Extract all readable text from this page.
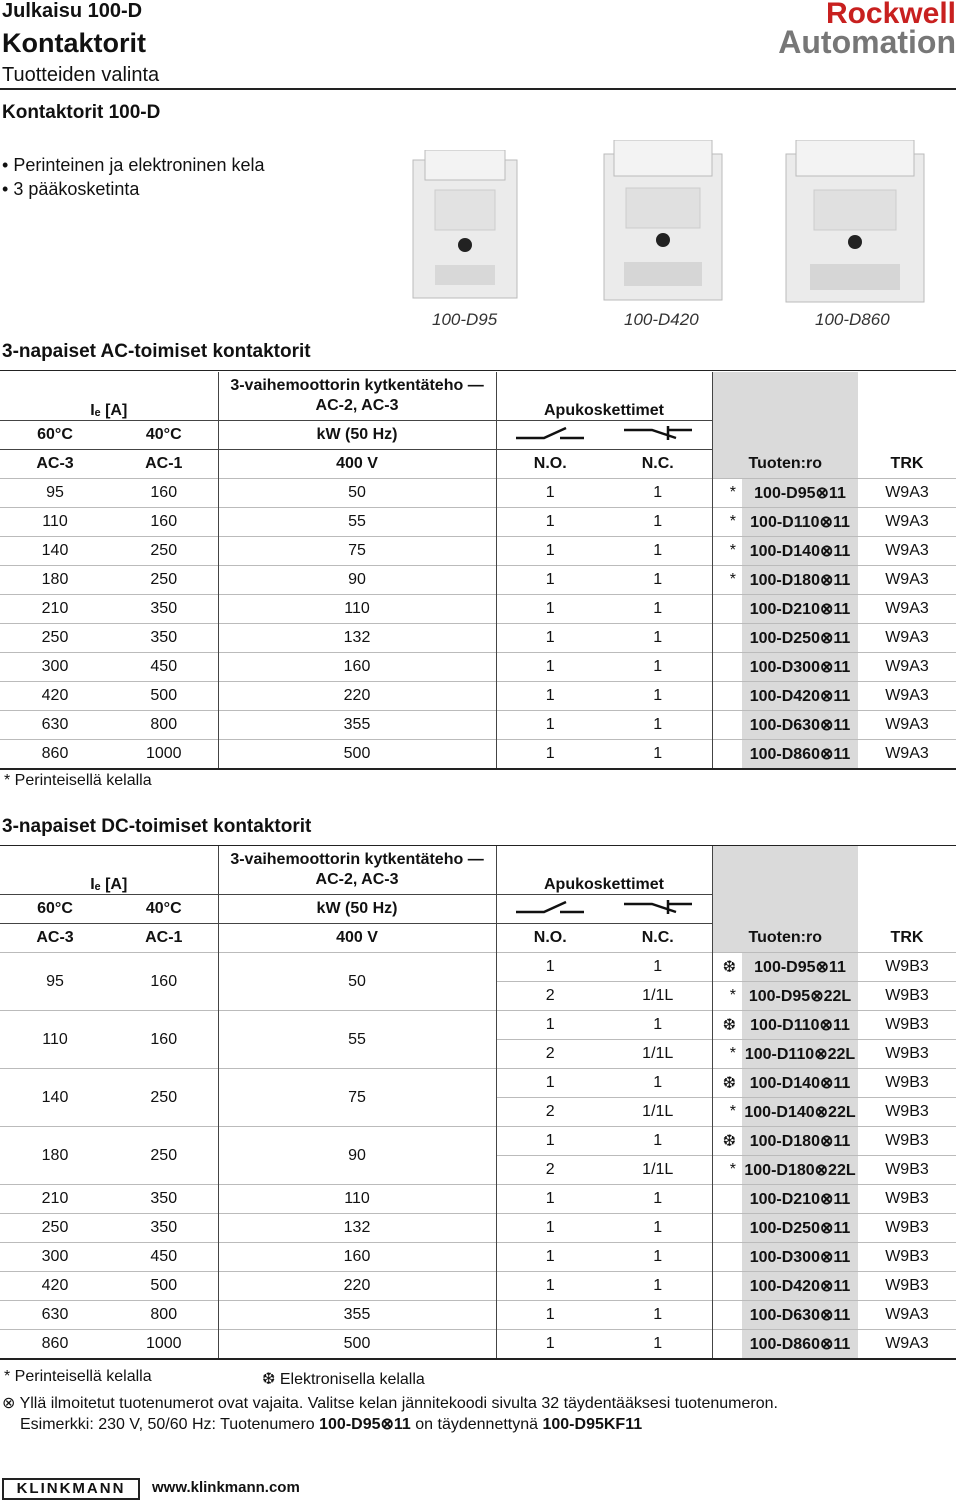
Julkaisu 100-D
Kontaktorit
Tuotteiden valinta
Rockwell
Automation
Kontaktorit 100-D
• Perinteinen ja elektroninen kela
• 3 pääkosketinta
100-D95	100-D420	100-D860
3-napaiset AC-toimiset kontaktorit
Iₑ [A]		3-vaihemoottorin kytkentäteho —
AC-2, AC-3	Apukoskettimet				
60°C	40°C	kW (50 Hz)				
AC-3	AC-1	400 V	N.O.	N.C.	Tuoten:ro		TRK
95	160	50	1	1	*	100-D95⊗11	W9A3
110	160	55	1	1	*	100-D110⊗11	W9A3
140	250	75	1	1	*	100-D140⊗11	W9A3
180	250	90	1	1	*	100-D180⊗11	W9A3
210	350	110	1	1		100-D210⊗11	W9A3
250	350	132	1	1		100-D250⊗11	W9A3
300	450	160	1	1		100-D300⊗11	W9A3
420	500	220	1	1		100-D420⊗11	W9A3
630	800	355	1	1		100-D630⊗11	W9A3
860	1000	500	1	1		100-D860⊗11	W9A3
* Perinteisellä kelalla
3-napaiset DC-toimiset kontaktorit
Iₑ [A]		3-vaihemoottorin kytkentäteho —
AC-2, AC-3	Apukoskettimet				
60°C	40°C	kW (50 Hz)				
AC-3	AC-1	400 V	N.O.	N.C.	Tuoten:ro		TRK
95	160	50	1	1	❆	100-D95⊗11	W9B3
			2	1/1L	*	100-D95⊗22L	W9B3
110	160	55	1	1	❆	100-D110⊗11	W9B3
			2	1/1L	*	100-D110⊗22L	W9B3
140	250	75	1	1	❆	100-D140⊗11	W9B3
			2	1/1L	*	100-D140⊗22L	W9B3
180	250	90	1	1	❆	100-D180⊗11	W9B3
			2	1/1L	*	100-D180⊗22L	W9B3
210	350	110	1	1		100-D210⊗11	W9B3
250	350	132	1	1		100-D250⊗11	W9B3
300	450	160	1	1		100-D300⊗11	W9B3
420	500	220	1	1		100-D420⊗11	W9B3
630	800	355	1	1		100-D630⊗11	W9A3
860	1000	500	1	1		100-D860⊗11	W9A3
* Perinteisellä kelalla	❆ Elektronisella kelalla
⊗ Yllä ilmoitetut tuotenumerot ovat vajaita. Valitse kelan jännitekoodi sivulta 32 täydentääksesi tuotenumeron.
Esimerkki: 230 V, 50/60 Hz: Tuotenumero 100-D95⊗11 on täydennettynä 100-D95KF11
KLINKMANN	www.klinkmann.com
